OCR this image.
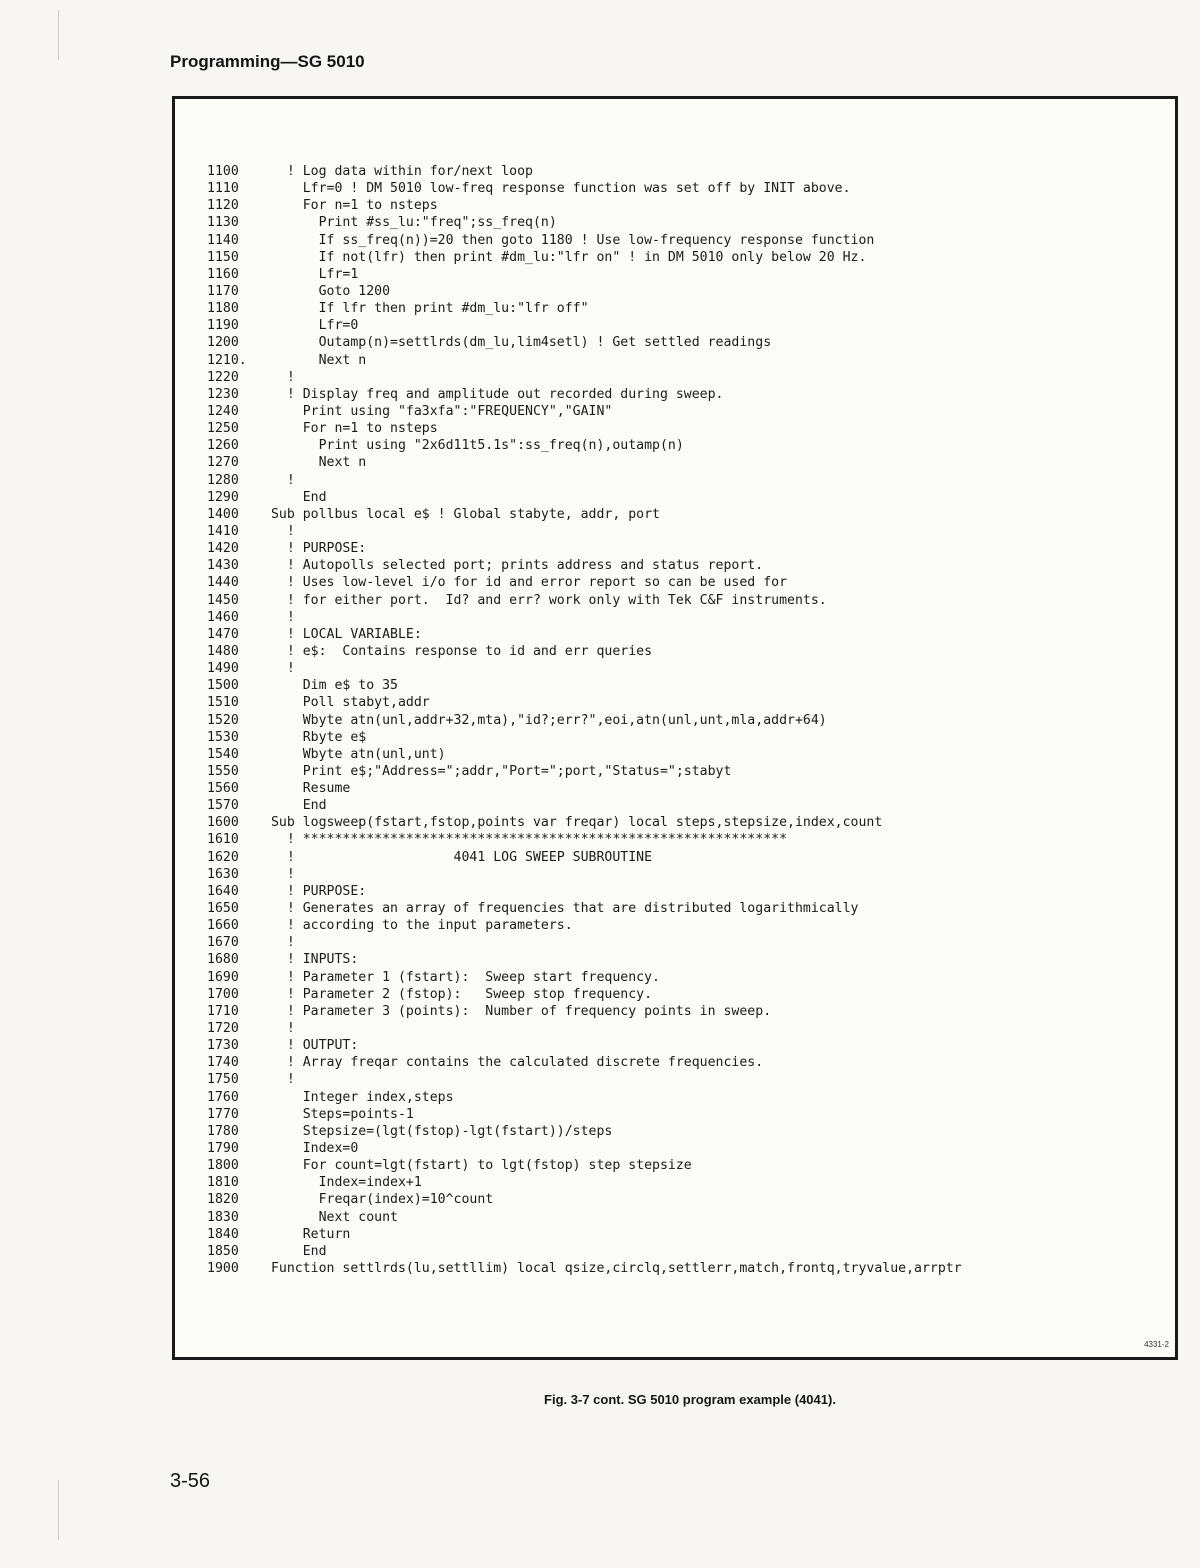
Programming—SG 5010
1100	! Log data within for/next loop
1110	Lfr=0 ! DM 5010 low-freq response function was set off by INIT above.
1120	For n=1 to nsteps
1130	Print #ss_lu:"freq";ss_freq(n)
1140	If ss_freq(n))=20 then goto 1180 ! Use low-frequency response function
1150	If not(lfr) then print #dm_lu:"lfr on" ! in DM 5010 only below 20 Hz.
1160	Lfr=1
1170	Goto 1200
1180	If lfr then print #dm_lu:"lfr off"
1190	Lfr=0
1200	Outamp(n)=settlrds(dm_lu,lim4setl) ! Get settled readings
1210.	Next n
1220	!
1230	! Display freq and amplitude out recorded during sweep.
1240	Print using "fa3xfa":"FREQUENCY","GAIN"
1250	For n=1 to nsteps
1260	Print using "2x6d11t5.1s":ss_freq(n),outamp(n)
1270	Next n
1280	!
1290	End
1400	Sub pollbus local e$ ! Global stabyte, addr, port
1410	!
1420	! PURPOSE:
1430	! Autopolls selected port; prints address and status report.
1440	! Uses low-level i/o for id and error report so can be used for
1450	! for either port.  Id? and err? work only with Tek C&F instruments.
1460	!
1470	! LOCAL VARIABLE:
1480	! e$:  Contains response to id and err queries
1490	!
1500	Dim e$ to 35
1510	Poll stabyt,addr
1520	Wbyte atn(unl,addr+32,mta),"id?;err?",eoi,atn(unl,unt,mla,addr+64)
1530	Rbyte e$
1540	Wbyte atn(unl,unt)
1550	Print e$;"Address=";addr,"Port=";port,"Status=";stabyt
1560	Resume
1570	End
1600	Sub logsweep(fstart,fstop,points var freqar) local steps,stepsize,index,count
1610	! *************************************************************
1620	!                    4041 LOG SWEEP SUBROUTINE
1630	!
1640	! PURPOSE:
1650	! Generates an array of frequencies that are distributed logarithmically
1660	! according to the input parameters.
1670	!
1680	! INPUTS:
1690	! Parameter 1 (fstart):  Sweep start frequency.
1700	! Parameter 2 (fstop):   Sweep stop frequency.
1710	! Parameter 3 (points):  Number of frequency points in sweep.
1720	!
1730	! OUTPUT:
1740	! Array freqar contains the calculated discrete frequencies.
1750	!
1760	Integer index,steps
1770	Steps=points-1
1780	Stepsize=(lgt(fstop)-lgt(fstart))/steps
1790	Index=0
1800	For count=lgt(fstart) to lgt(fstop) step stepsize
1810	Index=index+1
1820	Freqar(index)=10^count
1830	Next count
1840	Return
1850	End
1900	Function settlrds(lu,settllim) local qsize,circlq,settlerr,match,frontq,tryvalue,arrptr
4331-2
Fig. 3-7 cont. SG 5010 program example (4041).
3-56
